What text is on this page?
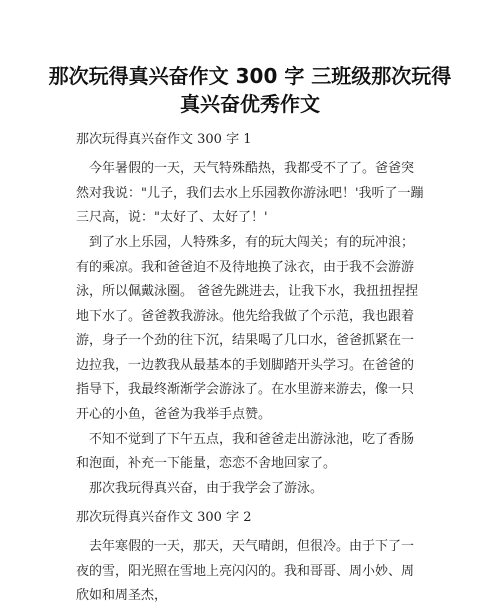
那次玩得真兴奋作文 300 字 三班级那次玩得真兴奋优秀作文

那次玩得真兴奋作文 300 字 1

今年暑假的一天，天气特殊酷热，我都受不了了。爸爸突然对我说："儿子，我们去水上乐园教你游泳吧！'我听了一蹦三尺高，说："太好了、太好了！'

到了水上乐园，人特殊多，有的玩大闯关；有的玩冲浪；有的乘凉。我和爸爸迫不及待地换了泳衣，由于我不会游游泳，所以佩戴泳圈。 爸爸先跳进去，让我下水，我扭扭捏捏地下水了。爸爸教我游泳。他先给我做了个示范，我也跟着游，身子一个劲的往下沉，结果喝了几口水，爸爸抓紧在一边拉我，一边教我从最基本的手划脚踏开头学习。在爸爸的指导下，我最终渐渐学会游泳了。在水里游来游去，像一只开心的小鱼，爸爸为我举手点赞。

不知不觉到了下午五点，我和爸爸走出游泳池，吃了香肠和泡面，补充一下能量，恋恋不舍地回家了。

那次我玩得真兴奋，由于我学会了游泳。

那次玩得真兴奋作文 300 字 2

去年寒假的一天，那天，天气晴朗，但很冷。由于下了一夜的雪，阳光照在雪地上亮闪闪的。我和哥哥、周小妙、周欣如和周圣杰，
